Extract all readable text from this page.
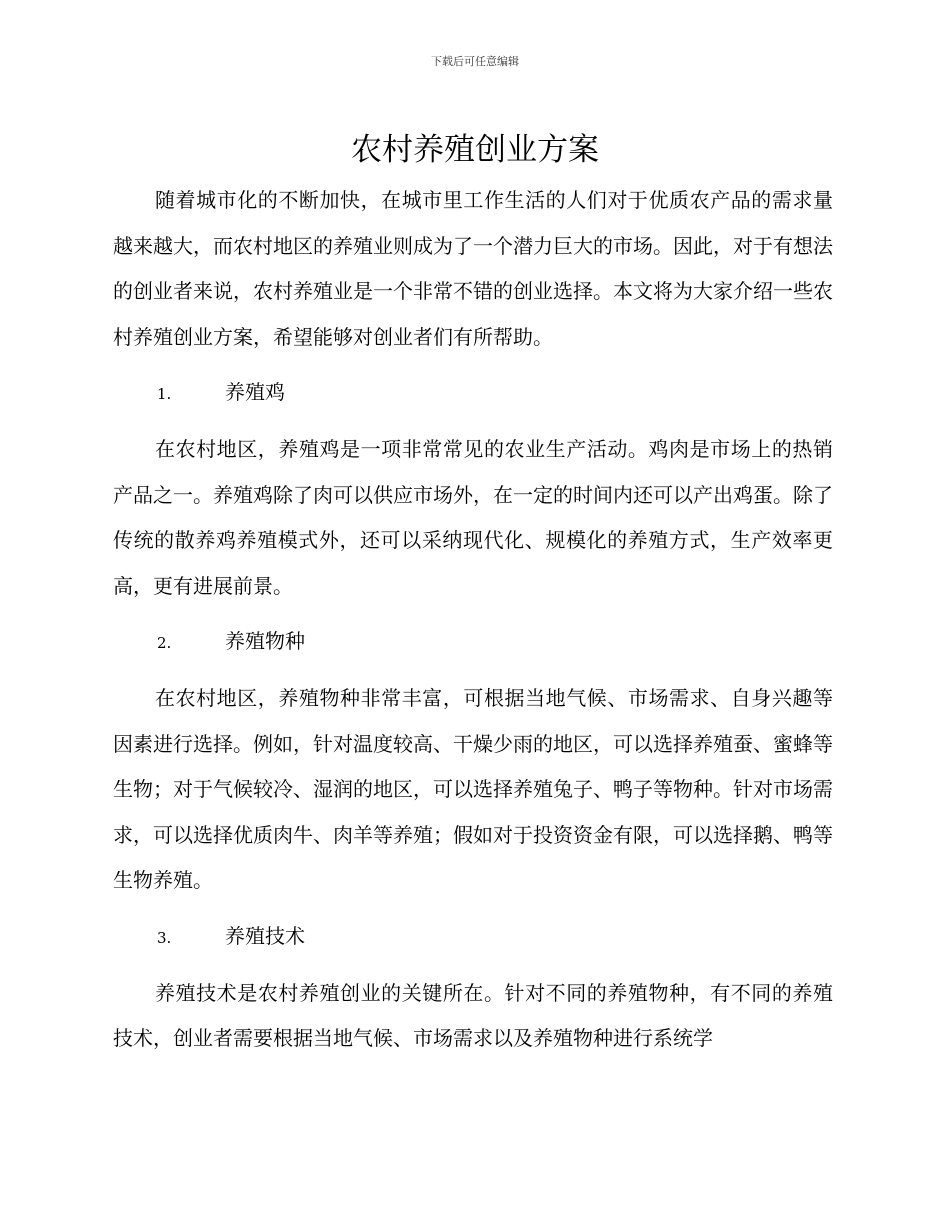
下载后可任意编辑
农村养殖创业方案

随着城市化的不断加快，在城市里工作生活的人们对于优质农产品的需求量越来越大，而农村地区的养殖业则成为了一个潜力巨大的市场。因此，对于有想法的创业者来说，农村养殖业是一个非常不错的创业选择。本文将为大家介绍一些农村养殖创业方案，希望能够对创业者们有所帮助。

1.	养殖鸡

在农村地区，养殖鸡是一项非常常见的农业生产活动。鸡肉是市场上的热销产品之一。养殖鸡除了肉可以供应市场外，在一定的时间内还可以产出鸡蛋。除了传统的散养鸡养殖模式外，还可以采纳现代化、规模化的养殖方式，生产效率更高，更有进展前景。

2.	养殖物种

在农村地区，养殖物种非常丰富，可根据当地气候、市场需求、自身兴趣等因素进行选择。例如，针对温度较高、干燥少雨的地区，可以选择养殖蚕、蜜蜂等生物；对于气候较冷、湿润的地区，可以选择养殖兔子、鸭子等物种。针对市场需求，可以选择优质肉牛、肉羊等养殖；假如对于投资资金有限，可以选择鹅、鸭等生物养殖。

3.	养殖技术

养殖技术是农村养殖创业的关键所在。针对不同的养殖物种，有不同的养殖技术，创业者需要根据当地气候、市场需求以及养殖物种进行系统学
